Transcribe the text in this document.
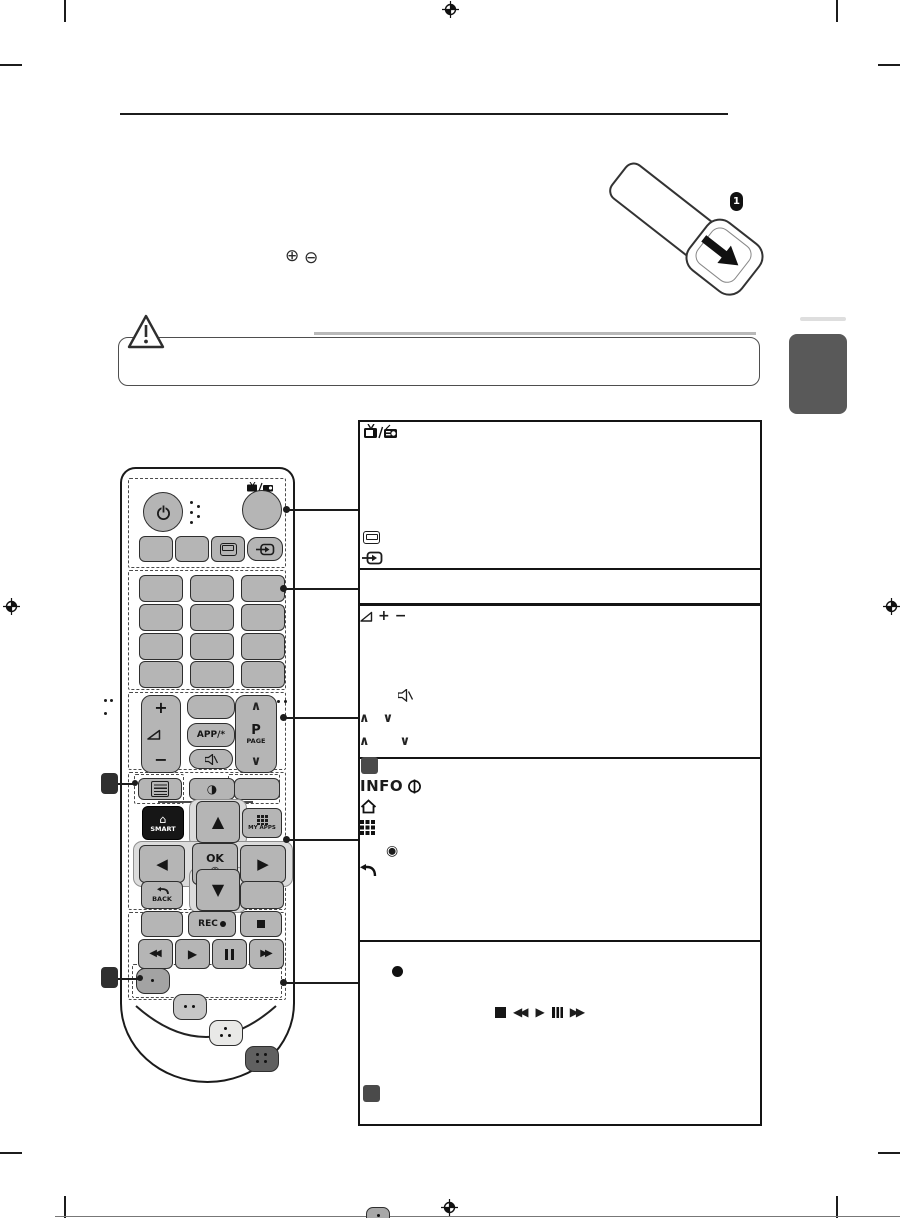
⊕ ⊖
1
+
−
APP/*
∧
P
PAGE
∨
◑
⌂
SMART ▲	MY APPS
◀	OK ▶
BACK
▼
REC
◀◀ ▶	▶▶
+ −
∧ ∨
∧ ∨
INFO
◉
◀◀ ▶ ▶▶
